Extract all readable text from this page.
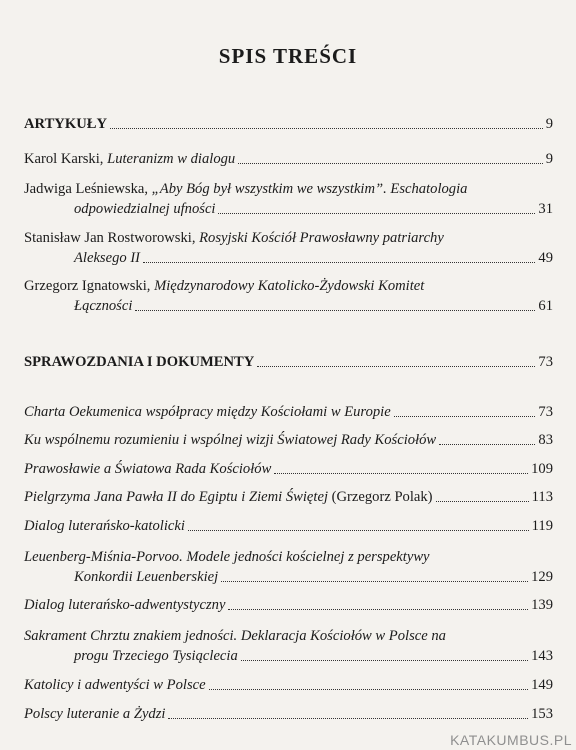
SPIS TREŚCI
ARTYKUŁY	9
Karol Karski, Luteranizm w dialogu	9
Jadwiga Leśniewska, „Aby Bóg był wszystkim we wszystkim”. Eschatologia
odpowiedzialnej ufności	31
Stanisław Jan Rostworowski, Rosyjski Kościół Prawosławny patriarchy
Aleksego II	49
Grzegorz Ignatowski, Międzynarodowy Katolicko-Żydowski Komitet
Łączności	61
SPRAWOZDANIA I DOKUMENTY	73
Charta Oekumenica współpracy między Kościołami w Europie	73
Ku wspólnemu rozumieniu i wspólnej wizji Światowej Rady Kościołów	83
Prawosławie a Światowa Rada Kościołów	109
Pielgrzyma Jana Pawła II do Egiptu i Ziemi Świętej (Grzegorz Polak)	113
Dialog luterańsko-katolicki	119
Leuenberg-Miśnia-Porvoo. Modele jedności kościelnej z perspektywy
Konkordii Leuenberskiej	129
Dialog luterańsko-adwentystyczny	139
Sakrament Chrztu znakiem jedności. Deklaracja Kościołów w Polsce na
progu Trzeciego Tysiąclecia	143
Katolicy i adwentyści w Polsce	149
Polscy luteranie a Żydzi	153
KATAKUMBUS.PL
